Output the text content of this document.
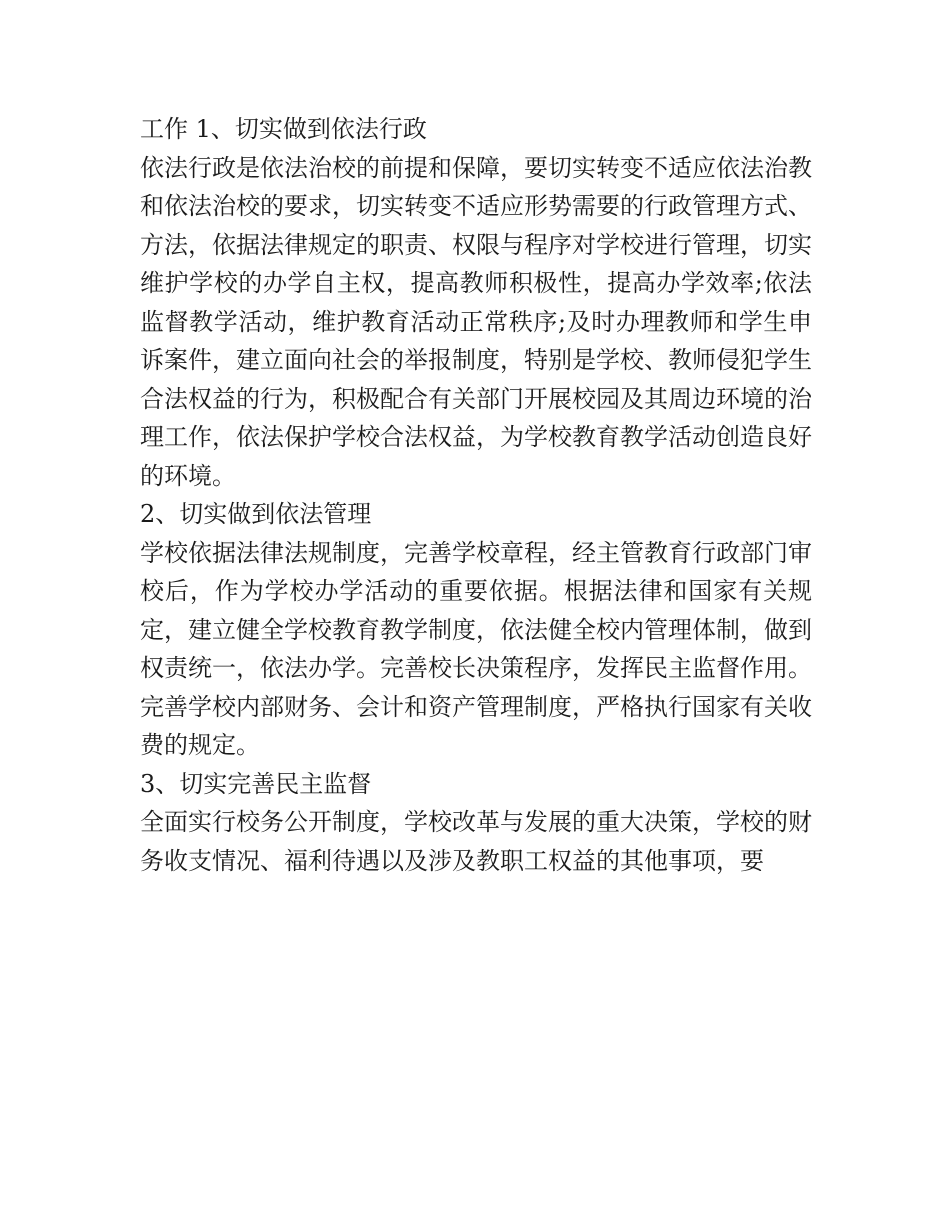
工作 1、切实做到依法行政

依法行政是依法治校的前提和保障，要切实转变不适应依法治教和依法治校的要求，切实转变不适应形势需要的行政管理方式、方法，依据法律规定的职责、权限与程序对学校进行管理，切实维护学校的办学自主权，提高教师积极性，提高办学效率;依法监督教学活动，维护教育活动正常秩序;及时办理教师和学生申诉案件，建立面向社会的举报制度，特别是学校、教师侵犯学生合法权益的行为，积极配合有关部门开展校园及其周边环境的治理工作，依法保护学校合法权益，为学校教育教学活动创造良好的环境。

2、切实做到依法管理

学校依据法律法规制度，完善学校章程，经主管教育行政部门审校后，作为学校办学活动的重要依据。根据法律和国家有关规定，建立健全学校教育教学制度，依法健全校内管理体制，做到权责统一，依法办学。完善校长决策程序，发挥民主监督作用。完善学校内部财务、会计和资产管理制度，严格执行国家有关收费的规定。

3、切实完善民主监督

全面实行校务公开制度，学校改革与发展的重大决策，学校的财务收支情况、福利待遇以及涉及教职工权益的其他事项，要
